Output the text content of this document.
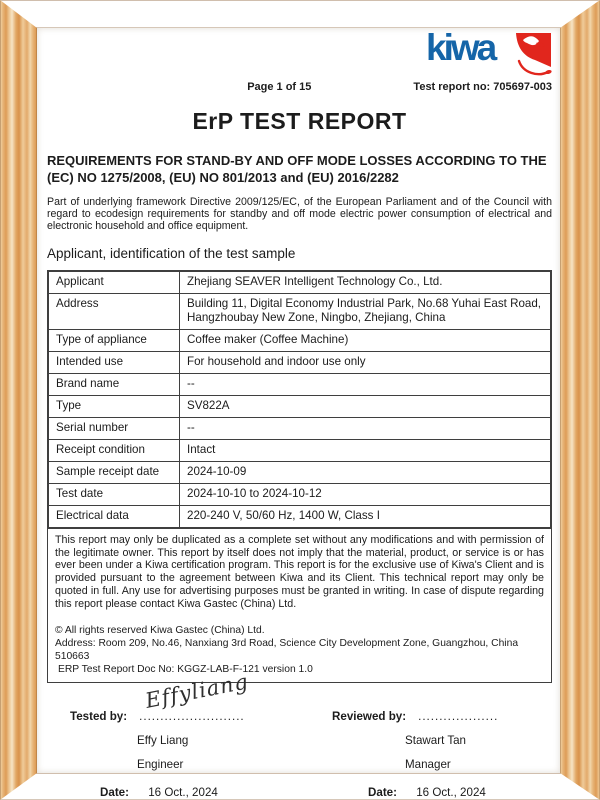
kiwa
Page 1 of 15	Test report no: 705697-003
ErP TEST REPORT
REQUIREMENTS FOR STAND-BY AND OFF MODE LOSSES ACCORDING TO THE (EC) NO 1275/2008, (EU) NO 801/2013 and (EU) 2016/2282
Part of underlying framework Directive 2009/125/EC, of the European Parliament and of the Council with regard to ecodesign requirements for standby and off mode electric power consumption of electrical and electronic household and office equipment.
Applicant, identification of the test sample
Applicant	Zhejiang SEAVER Intelligent Technology Co., Ltd.
Address	Building 11, Digital Economy Industrial Park, No.68 Yuhai East Road, Hangzhoubay New Zone, Ningbo, Zhejiang, China
Type of appliance	Coffee maker (Coffee Machine)
Intended use	For household and indoor use only
Brand name	--
Type	SV822A
Serial number	--
Receipt condition	Intact
Sample receipt date	2024-10-09
Test date	2024-10-10 to 2024-10-12
Electrical data	220-240 V, 50/60 Hz, 1400 W, Class I
This report may only be duplicated as a complete set without any modifications and with permission of the legitimate owner. This report by itself does not imply that the material, product, or service is or has ever been under a Kiwa certification program. This report is for the exclusive use of Kiwa's Client and is provided pursuant to the agreement between Kiwa and its Client. This technical report may only be quoted in full. Any use for advertising purposes must be granted in writing. In case of dispute regarding this report please contact Kiwa Gastec (China) Ltd.
© All rights reserved Kiwa Gastec (China) Ltd.
Address: Room 209, No.46, Nanxiang 3rd Road, Science City Development Zone, Guangzhou, China 510663
ERP Test Report Doc No: KGGZ-LAB-F-121 version 1.0
Tested by: .........................
Effyliang
Effy Liang
Engineer
Date: 16 Oct., 2024
Reviewed by: ...................
Stawart Tan
Manager
Date: 16 Oct., 2024
